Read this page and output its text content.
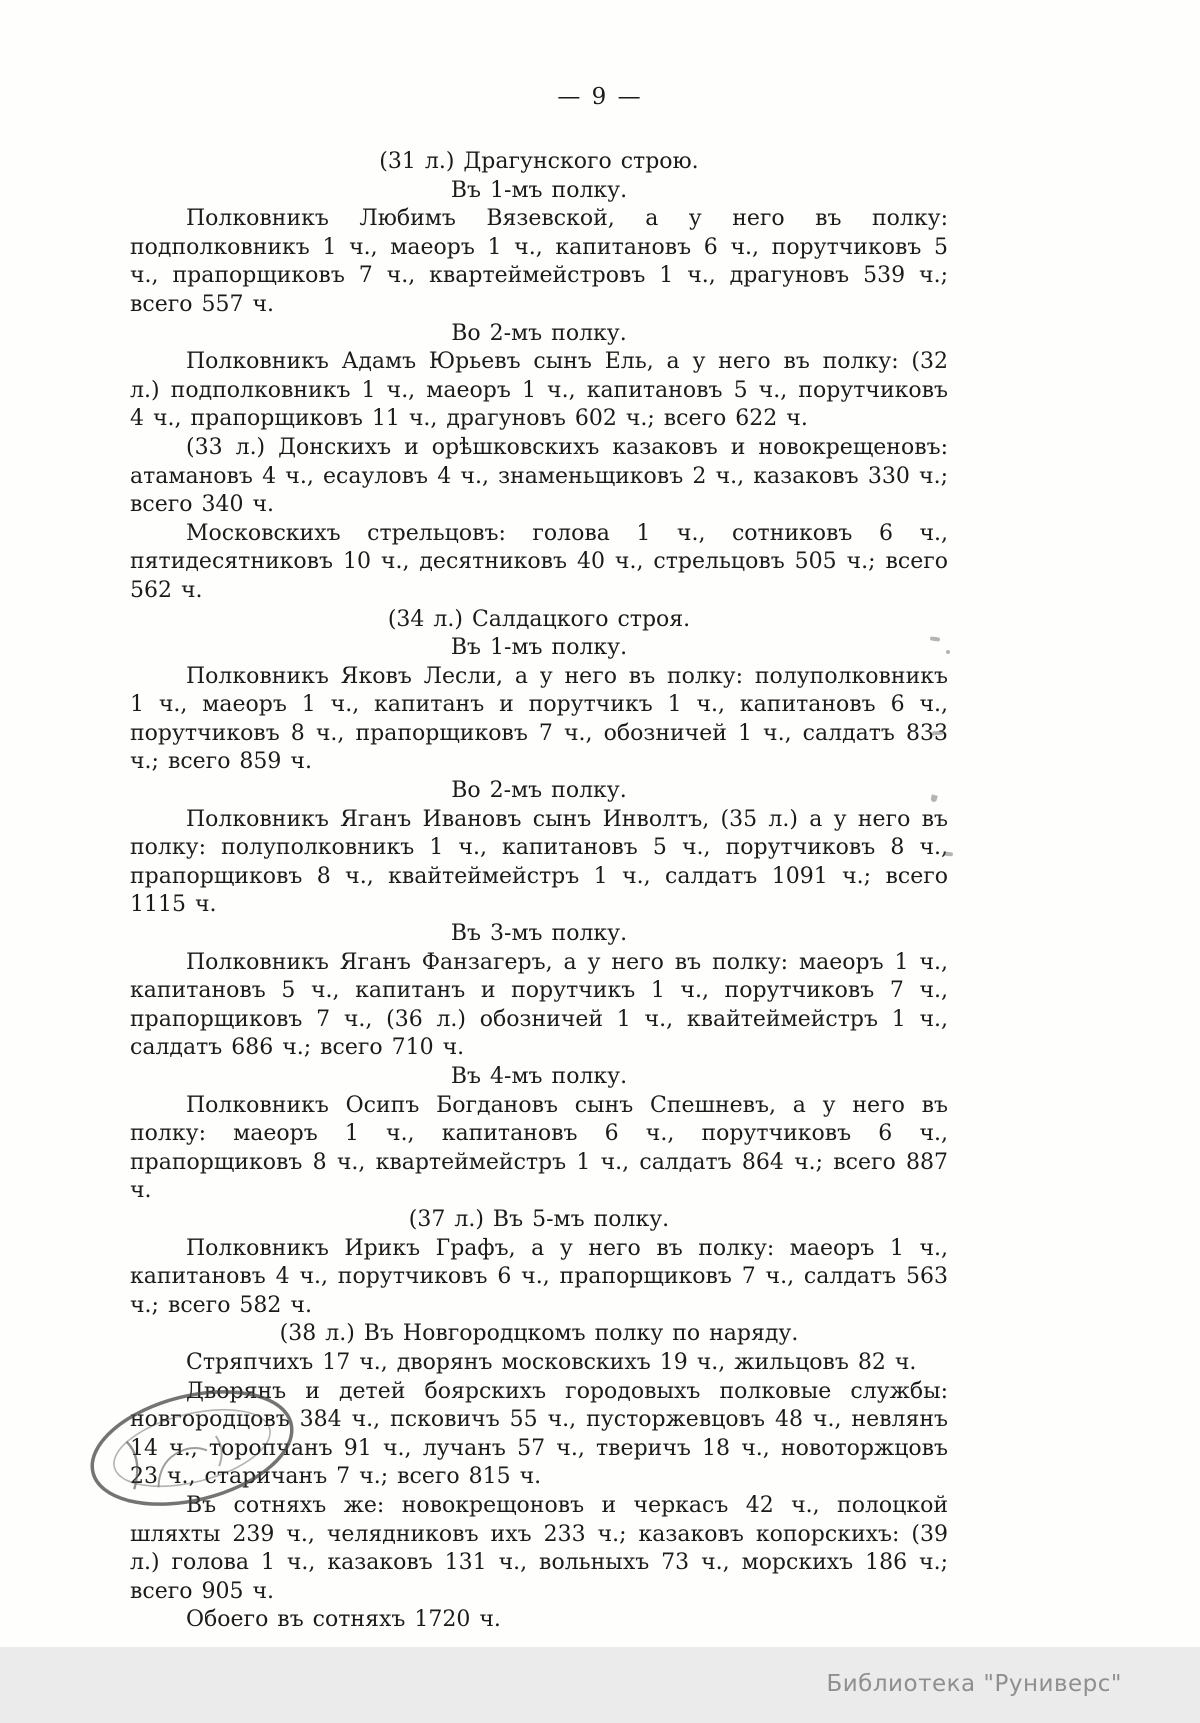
— 9 —

(31 л.) Драгунского строю.

Въ 1-мъ полку.

Полковникъ Любимъ Вязевской, а у него въ полку: подполковникъ 1 ч., маеоръ 1 ч., капитановъ 6 ч., порутчиковъ 5 ч., прапорщиковъ 7 ч., квартеймейстровъ 1 ч., драгуновъ 539 ч.; всего 557 ч.

Во 2-мъ полку.

Полковникъ Адамъ Юрьевъ сынъ Ель, а у него въ полку: (32 л.) подполковникъ 1 ч., маеоръ 1 ч., капитановъ 5 ч., порутчиковъ 4 ч., прапорщиковъ 11 ч., драгуновъ 602 ч.; всего 622 ч.

(33 л.) Донскихъ и орѣшковскихъ казаковъ и новокрещеновъ: атамановъ 4 ч., есауловъ 4 ч., знаменьщиковъ 2 ч., казаковъ 330 ч.; всего 340 ч.

Московскихъ стрельцовъ: голова 1 ч., сотниковъ 6 ч., пятидесятниковъ 10 ч., десятниковъ 40 ч., стрельцовъ 505 ч.; всего 562 ч.

(34 л.) Салдацкого строя.

Въ 1-мъ полку.

Полковникъ Яковъ Лесли, а у него въ полку: полуполковникъ 1 ч., маеоръ 1 ч., капитанъ и порутчикъ 1 ч., капитановъ 6 ч., порутчиковъ 8 ч., прапорщиковъ 7 ч., обозничей 1 ч., салдатъ 833 ч.; всего 859 ч.

Во 2-мъ полку.

Полковникъ Яганъ Ивановъ сынъ Инволтъ, (35 л.) а у него въ полку: полуполковникъ 1 ч., капитановъ 5 ч., порутчиковъ 8 ч., прапорщиковъ 8 ч., квайтеймейстръ 1 ч., салдатъ 1091 ч.; всего 1115 ч.

Въ 3-мъ полку.

Полковникъ Яганъ Фанзагеръ, а у него въ полку: маеоръ 1 ч., капитановъ 5 ч., капитанъ и порутчикъ 1 ч., порутчиковъ 7 ч., прапорщиковъ 7 ч., (36 л.) обозничей 1 ч., квайтеймейстръ 1 ч., салдатъ 686 ч.; всего 710 ч.

Въ 4-мъ полку.

Полковникъ Осипъ Богдановъ сынъ Спешневъ, а у него въ полку: маеоръ 1 ч., капитановъ 6 ч., порутчиковъ 6 ч., прапорщиковъ 8 ч., квартеймейстръ 1 ч., салдатъ 864 ч.; всего 887 ч.

(37 л.) Въ 5-мъ полку.

Полковникъ Ирикъ Графъ, а у него въ полку: маеоръ 1 ч., капитановъ 4 ч., порутчиковъ 6 ч., прапорщиковъ 7 ч., салдатъ 563 ч.; всего 582 ч.

(38 л.) Въ Новгородцкомъ полку по наряду.

Стряпчихъ 17 ч., дворянъ московскихъ 19 ч., жильцовъ 82 ч.

Дворянъ и детей боярскихъ городовыхъ полковые службы: новгородцовъ 384 ч., псковичъ 55 ч., пусторжевцовъ 48 ч., невлянъ 14 ч., торопчанъ 91 ч., лучанъ 57 ч., тверичъ 18 ч., новоторжцовъ 23 ч., старичанъ 7 ч.; всего 815 ч.

Въ сотняхъ же: новокрещоновъ и черкасъ 42 ч., полоцкой шляхты 239 ч., челядниковъ ихъ 233 ч.; казаковъ копорскихъ: (39 л.) голова 1 ч., казаковъ 131 ч., вольныхъ 73 ч., морскихъ 186 ч.; всего 905 ч.

Обоего въ сотняхъ 1720 ч.

Библиотека "Руниверс"
